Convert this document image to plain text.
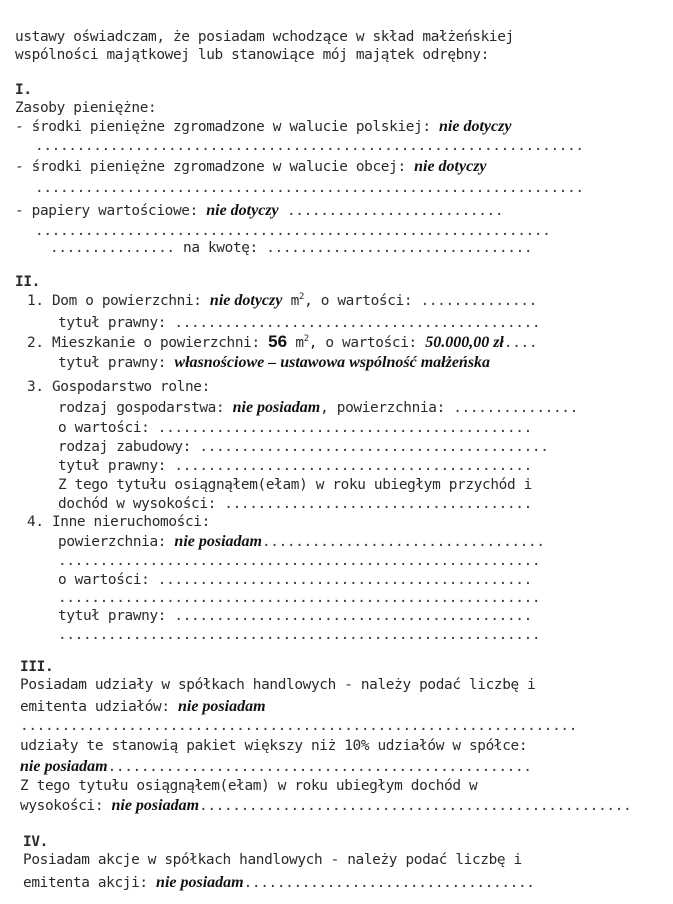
ustawy oświadczam, że posiadam wchodzące w skład małżeńskiej
wspólności majątkowej lub stanowiące mój majątek odrębny:
I.
Zasoby pieniężne:
- środki pieniężne zgromadzone w walucie polskiej: nie dotyczy
..................................................................
- środki pieniężne zgromadzone w walucie obcej: nie dotyczy
..................................................................
- papiery wartościowe: nie dotyczy ..........................
..............................................................
............... na kwotę: ................................
II.
1. Dom o powierzchni: nie dotyczy $m^2$, o wartości: ..............
tytuł prawny: ............................................
2. Mieszkanie o powierzchni: 56 $m^2$, o wartości: 50.000,00 zł....
tytuł prawny: własnościowe – ustawowa wspólność małżeńska
3. Gospodarstwo rolne:
rodzaj gospodarstwa: nie posiadam, powierzchnia: ...............
o wartości: .............................................
rodzaj zabudowy: ..........................................
tytuł prawny: ...........................................
Z tego tytułu osiągnąłem(ełam) w roku ubiegłym przychód i
dochód w wysokości: .....................................
4. Inne nieruchomości:
powierzchnia: nie posiadam..................................
..........................................................
o wartości: .............................................
..........................................................
tytuł prawny: ...........................................
..........................................................
III.
Posiadam udziały w spółkach handlowych - należy podać liczbę i
emitenta udziałów: nie posiadam
...................................................................
udziały te stanowią pakiet większy niż 10% udziałów w spółce:
nie posiadam...................................................
Z tego tytułu osiągnąłem(ełam) w roku ubiegłym dochód w
wysokości: nie posiadam....................................................
IV.
Posiadam akcje w spółkach handlowych - należy podać liczbę i
emitenta akcji: nie posiadam...................................
